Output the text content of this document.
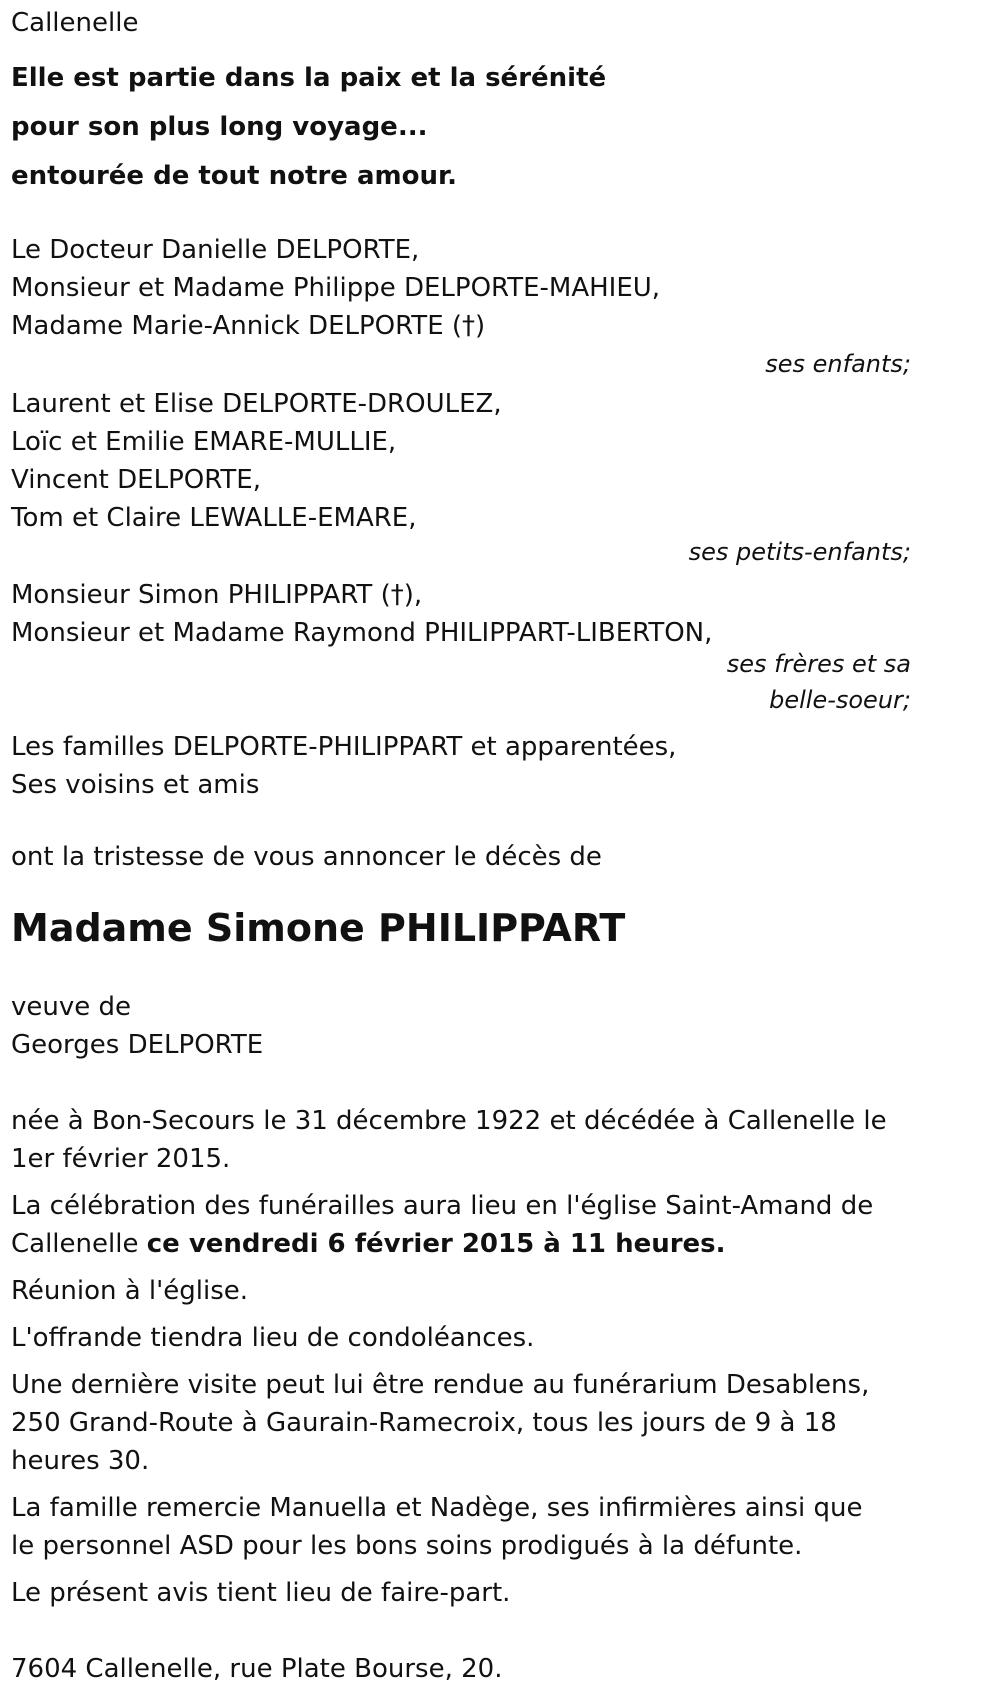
Callenelle
Elle est partie dans la paix et la sérénité
pour son plus long voyage...
entourée de tout notre amour.
Le Docteur Danielle DELPORTE,
Monsieur et Madame Philippe DELPORTE-MAHIEU,
Madame Marie-Annick DELPORTE (†)
ses enfants;
Laurent et Elise DELPORTE-DROULEZ,
Loïc et Emilie EMARE-MULLIE,
Vincent DELPORTE,
Tom et Claire LEWALLE-EMARE,
ses petits-enfants;
Monsieur Simon PHILIPPART (†),
Monsieur et Madame Raymond PHILIPPART-LIBERTON,
ses frères et sa
belle-soeur;
Les familles DELPORTE-PHILIPPART et apparentées,
Ses voisins et amis
ont la tristesse de vous annoncer le décès de
Madame Simone PHILIPPART
veuve de
Georges DELPORTE

née à Bon-Secours le 31 décembre 1922 et décédée à Callenelle le 1er février 2015.

La célébration des funérailles aura lieu en l'église Saint-Amand de Callenelle ce vendredi 6 février 2015 à 11 heures.

Réunion à l'église.

L'offrande tiendra lieu de condoléances.

Une dernière visite peut lui être rendue au funérarium Desablens, 250 Grand-Route à Gaurain-Ramecroix, tous les jours de 9 à 18 heures 30.

La famille remercie Manuella et Nadège, ses infirmières ainsi que le personnel ASD pour les bons soins prodigués à la défunte.

Le présent avis tient lieu de faire-part.

7604 Callenelle, rue Plate Bourse, 20.
